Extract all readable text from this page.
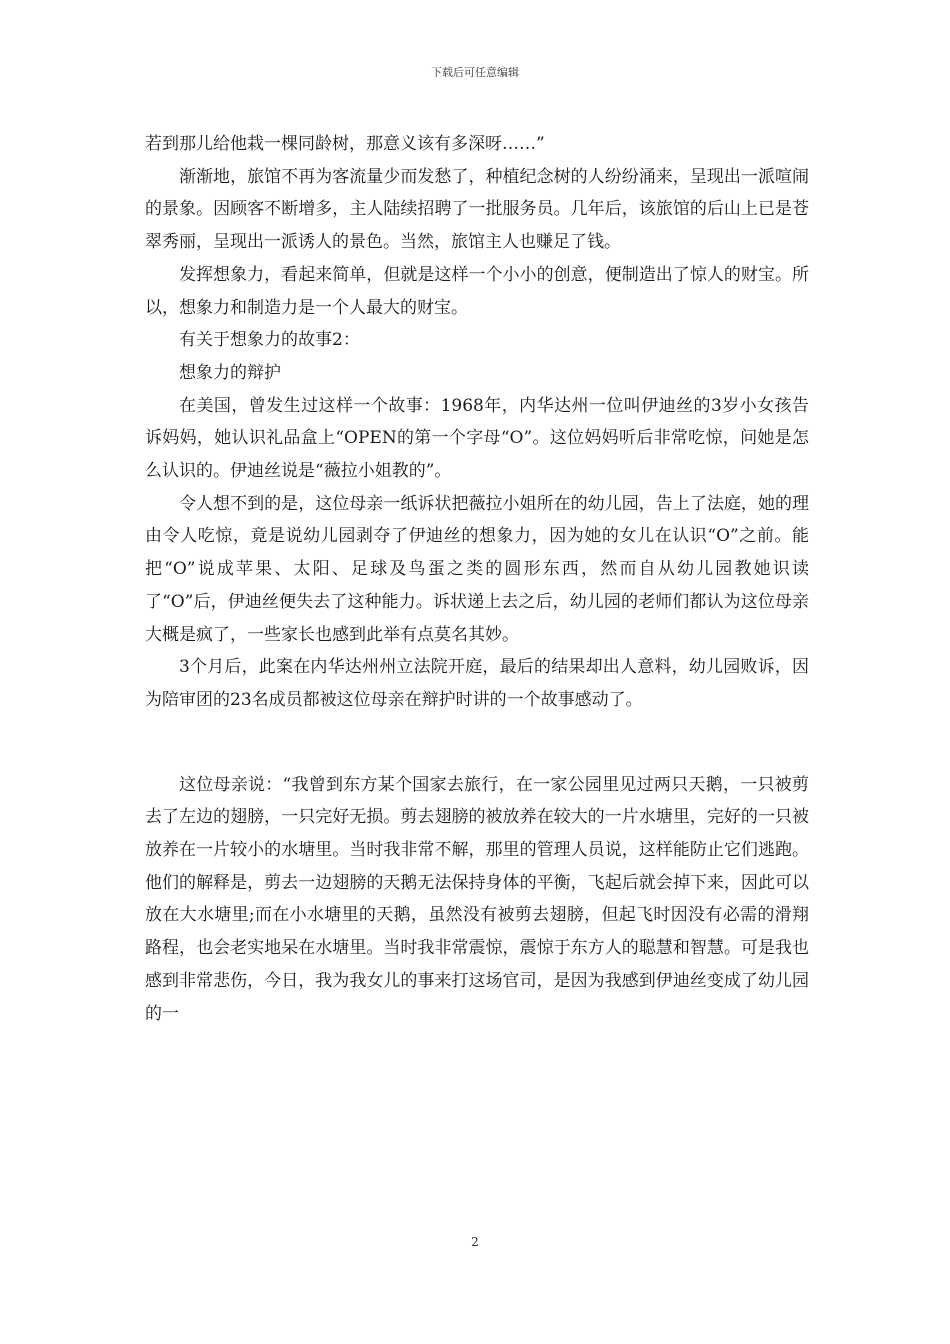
下载后可任意编辑

若到那儿给他栽一棵同龄树，那意义该有多深呀……”

渐渐地，旅馆不再为客流量少而发愁了，种植纪念树的人纷纷涌来，呈现出一派喧闹的景象。因顾客不断增多，主人陆续招聘了一批服务员。几年后，该旅馆的后山上已是苍翠秀丽，呈现出一派诱人的景色。当然，旅馆主人也赚足了钱。

发挥想象力，看起来简单，但就是这样一个小小的创意，便制造出了惊人的财宝。所以，想象力和制造力是一个人最大的财宝。

有关于想象力的故事2：

想象力的辩护

在美国，曾发生过这样一个故事：1968年，内华达州一位叫伊迪丝的3岁小女孩告诉妈妈，她认识礼品盒上“OPEN的第一个字母“O”。这位妈妈听后非常吃惊，问她是怎么认识的。伊迪丝说是“薇拉小姐教的”。

令人想不到的是，这位母亲一纸诉状把薇拉小姐所在的幼儿园，告上了法庭，她的理由令人吃惊，竟是说幼儿园剥夺了伊迪丝的想象力，因为她的女儿在认识“O”之前。能把“O”说成苹果、太阳、足球及鸟蛋之类的圆形东西，然而自从幼儿园教她识读了“O”后，伊迪丝便失去了这种能力。诉状递上去之后，幼儿园的老师们都认为这位母亲大概是疯了，一些家长也感到此举有点莫名其妙。

3个月后，此案在内华达州州立法院开庭，最后的结果却出人意料，幼儿园败诉，因为陪审团的23名成员都被这位母亲在辩护时讲的一个故事感动了。

这位母亲说：“我曾到东方某个国家去旅行，在一家公园里见过两只天鹅，一只被剪去了左边的翅膀，一只完好无损。剪去翅膀的被放养在较大的一片水塘里，完好的一只被放养在一片较小的水塘里。当时我非常不解，那里的管理人员说，这样能防止它们逃跑。他们的解释是，剪去一边翅膀的天鹅无法保持身体的平衡，飞起后就会掉下来，因此可以放在大水塘里;而在小水塘里的天鹅，虽然没有被剪去翅膀，但起飞时因没有必需的滑翔路程，也会老实地呆在水塘里。当时我非常震惊，震惊于东方人的聪慧和智慧。可是我也感到非常悲伤，今日，我为我女儿的事来打这场官司，是因为我感到伊迪丝变成了幼儿园的一

2
